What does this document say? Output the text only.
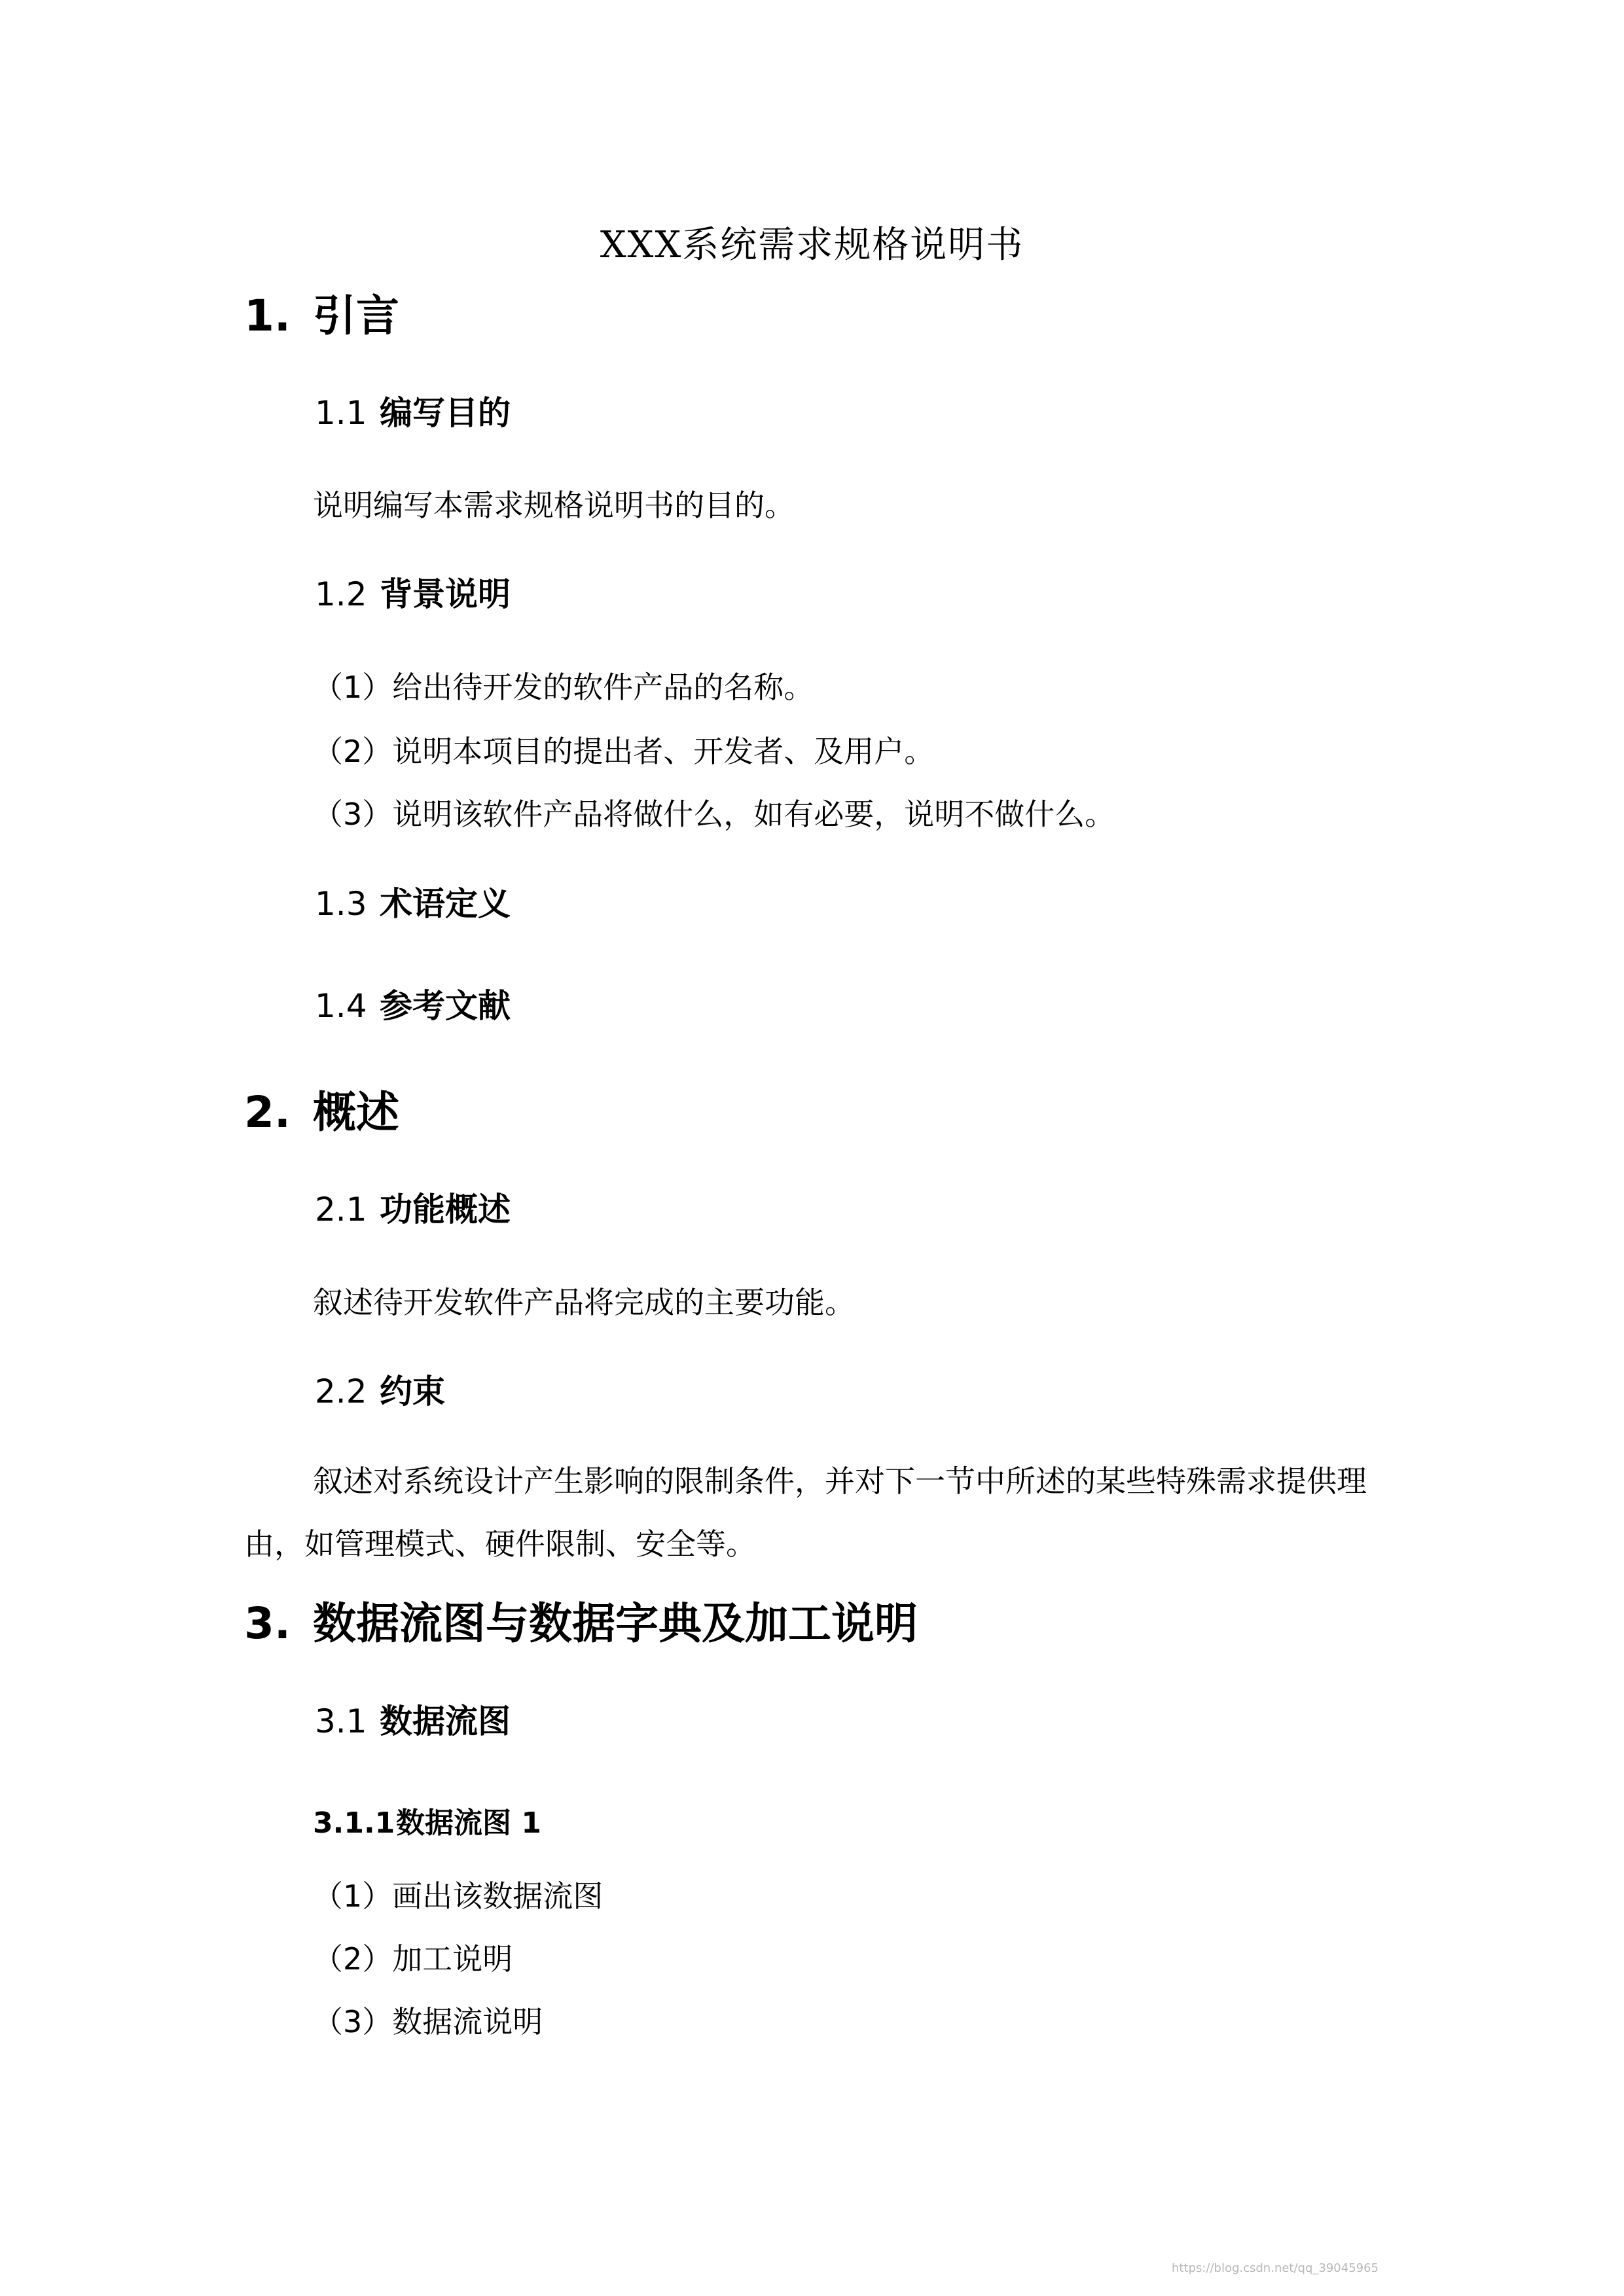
XXX系统需求规格说明书
1. 引言
1.1 编写目的
说明编写本需求规格说明书的目的。
1.2 背景说明
（1）给出待开发的软件产品的名称。
（2）说明本项目的提出者、开发者、及用户。
（3）说明该软件产品将做什么，如有必要，说明不做什么。
1.3 术语定义
1.4 参考文献
2. 概述
2.1 功能概述
叙述待开发软件产品将完成的主要功能。
2.2 约束
叙述对系统设计产生影响的限制条件，并对下一节中所述的某些特殊需求提供理由，如管理模式、硬件限制、安全等。
3. 数据流图与数据字典及加工说明
3.1 数据流图
3.1.1数据流图 1
（1）画出该数据流图
（2）加工说明
（3）数据流说明
https://blog.csdn.net/qq_39045965
